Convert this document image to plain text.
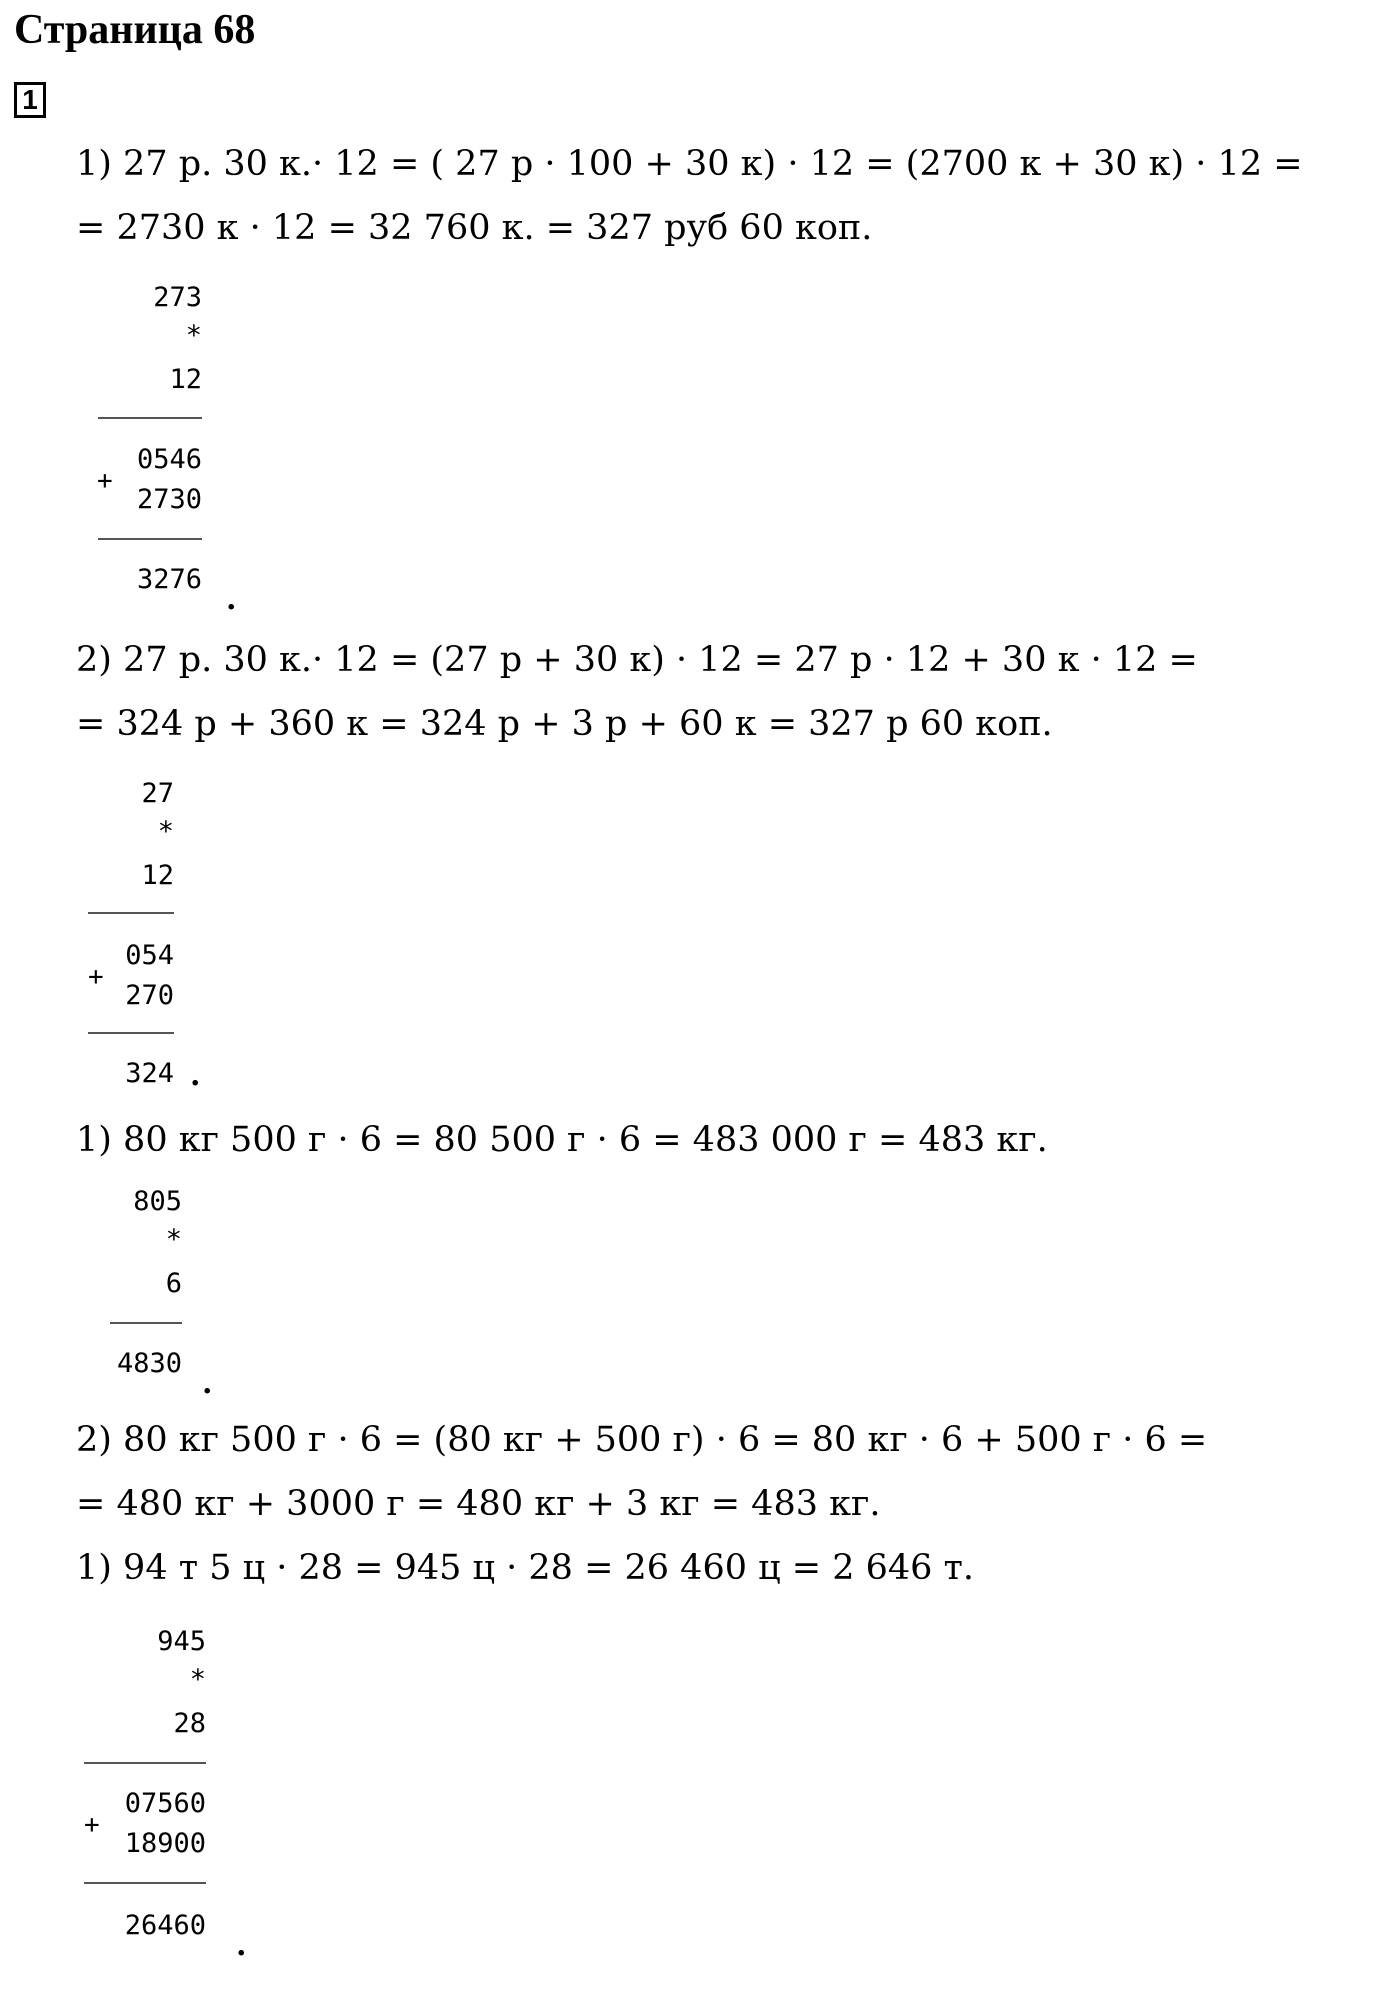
Страница 68
1
1) 27 р. 30 к.· 12 = ( 27 р · 100 + 30 к) · 12 = (2700 к + 30 к) · 12 =
= 2730 к · 12 = 32 760 к. = 327 руб 60 коп.
273
*
12
0546
+
2730
3276
.
2) 27 р. 30 к.· 12 = (27 р + 30 к) · 12 = 27 р · 12 + 30 к · 12 =
= 324 р + 360 к = 324 р + 3 р + 60 к = 327 р 60 коп.
27
*
12
054
+
270
324 .
1) 80 кг 500 г · 6 = 80 500 г · 6 = 483 000 г = 483 кг.
805
*
6
4830
.
2) 80 кг 500 г · 6 = (80 кг + 500 г) · 6 = 80 кг · 6 + 500 г · 6 =
= 480 кг + 3000 г = 480 кг + 3 кг = 483 кг.
1) 94 т 5 ц · 28 = 945 ц · 28 = 26 460 ц = 2 646 т.
945
*
28
07560
+
18900
26460
.
